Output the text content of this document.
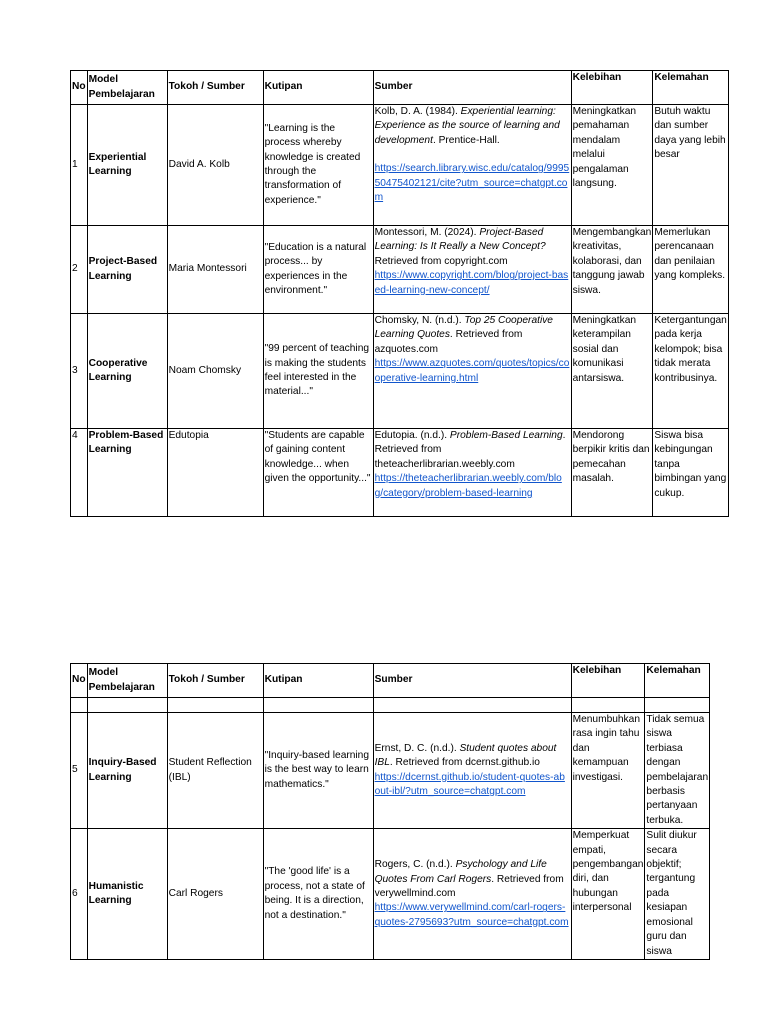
No	Model Pembelajaran	Tokoh / Sumber	Kutipan	Sumber	Kelebihan	Kelemahan
1	Experiential Learning	David A. Kolb	"Learning is the process whereby knowledge is created through the transformation of experience."	Kolb, D. A. (1984). Experiential learning: Experience as the source of learning and development. Prentice-Hall.
https://search.library.wisc.edu/catalog/999550475402121/cite?utm_source=chatgpt.com	Meningkatkan pemahaman mendalam melalui pengalaman langsung.	Butuh waktu dan sumber daya yang lebih besar
2	Project-Based Learning	Maria Montessori	"Education is a natural process... by experiences in the environment."	Montessori, M. (2024). Project-Based Learning: Is It Really a New Concept? Retrieved from copyright.com
https://www.copyright.com/blog/project-based-learning-new-concept/	Mengembangkan kreativitas, kolaborasi, dan tanggung jawab siswa.	Memerlukan perencanaan dan penilaian yang kompleks.
3	Cooperative Learning	Noam Chomsky	"99 percent of teaching is making the students feel interested in the material..."	Chomsky, N. (n.d.). Top 25 Cooperative Learning Quotes. Retrieved from azquotes.com
https://www.azquotes.com/quotes/topics/cooperative-learning.html	Meningkatkan keterampilan sosial dan komunikasi antarsiswa.	Ketergantungan pada kerja kelompok; bisa tidak merata kontribusinya.
4	Problem-Based Learning	Edutopia	"Students are capable of gaining content knowledge... when given the opportunity..."	Edutopia. (n.d.). Problem-Based Learning. Retrieved from theteacherlibrarian.weebly.com
https://theteacherlibrarian.weebly.com/blog/category/problem-based-learning	Mendorong berpikir kritis dan pemecahan masalah.	Siswa bisa kebingungan tanpa bimbingan yang cukup.
No	Model Pembelajaran	Tokoh / Sumber	Kutipan	Sumber	Kelebihan	Kelemahan

5	Inquiry-Based Learning	Student Reflection (IBL)	"Inquiry-based learning is the best way to learn mathematics."	Ernst, D. C. (n.d.). Student quotes about IBL. Retrieved from dcernst.github.io
https://dcernst.github.io/student-quotes-about-ibl/?utm_source=chatgpt.com	Menumbuhkan rasa ingin tahu dan kemampuan investigasi.	Tidak semua siswa terbiasa dengan pembelajaran berbasis pertanyaan terbuka.
6	Humanistic Learning	Carl Rogers	"The 'good life' is a process, not a state of being. It is a direction, not a destination."	Rogers, C. (n.d.). Psychology and Life Quotes From Carl Rogers. Retrieved from verywellmind.com
https://www.verywellmind.com/carl-rogers-quotes-2795693?utm_source=chatgpt.com	Memperkuat empati, pengembangan diri, dan hubungan interpersonal	Sulit diukur secara objektif; tergantung pada kesiapan emosional guru dan siswa
